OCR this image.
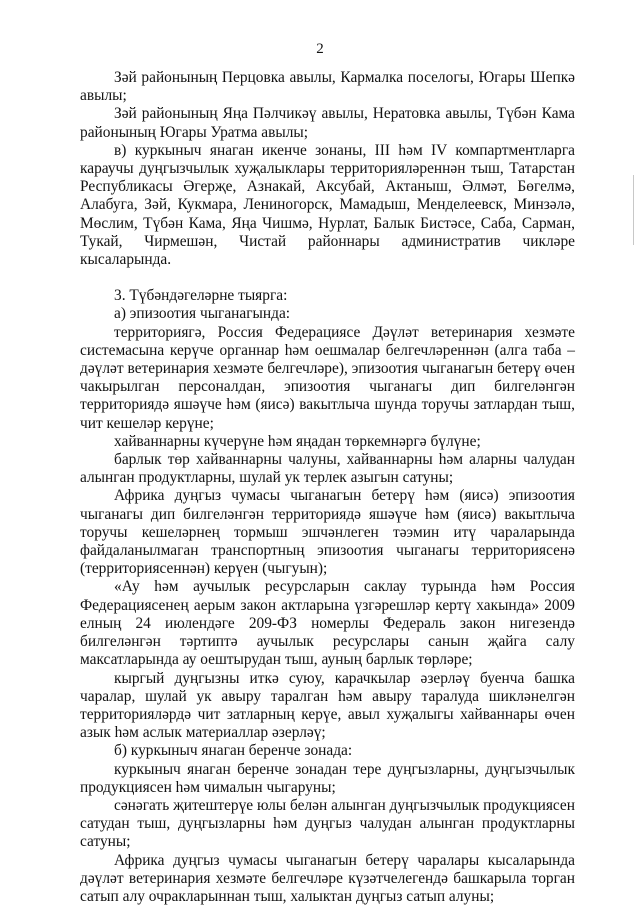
2

Зәй районының Перцовка авылы, Кармалка поселогы, Югары Шепкә авылы;

Зәй районының Яңа Пәлчикәү авылы, Нератовка авылы, Түбән Кама районының Югары Уратма авылы;

в) куркыныч янаган икенче зонаны, III һәм IV компартментларга караучы дуңгызчылык хуҗалыклары территорияләреннән тыш, Татарстан Республикасы Әгерҗе, Азнакай, Аксубай, Актаныш, Әлмәт, Бөгелмә, Алабуга, Зәй, Кукмара, Лениногорск, Мамадыш, Менделеевск, Минзәлә, Мөслим, Түбән Кама, Яңа Чишмә, Нурлат, Балык Бистәсе, Саба, Сарман, Тукай, Чирмешән, Чистай районнары административ чикләре кысаларында.

3. Түбәндәгеләрне тыярга:

а) эпизоотия чыганагында:

территориягә, Россия Федерациясе Дәүләт ветеринария хезмәте системасына керүче органнар һәм оешмалар белгечләреннән (алга таба – дәүләт ветеринария хезмәте белгечләре), эпизоотия чыганагын бетерү өчен чакырылган персоналдан, эпизоотия чыганагы дип билгеләнгән территориядә яшәүче һәм (яисә) вакытлыча шунда торучы затлардан тыш, чит кешеләр керүне;

хайваннарны күчерүне һәм яңадан төркемнәргә бүлүне;

барлык төр хайваннарны чалуны, хайваннарны һәм аларны чалудан алынган продуктларны, шулай ук терлек азыгын сатуны;

Африка дуңгыз чумасы чыганагын бетерү һәм (яисә) эпизоотия чыганагы дип билгеләнгән территориядә яшәүче һәм (яисә) вакытлыча торучы кешеләрнең тормыш эшчәнлеген тәэмин итү чараларында файдаланылмаган транспортның эпизоотия чыганагы территориясенә (территориясеннән) керүен (чыгуын);

«Ау һәм аучылык ресурсларын саклау турында һәм Россия Федерациясенең аерым закон актларына үзгәрешләр кертү хакында» 2009 елның 24 июлендәге 209-ФЗ номерлы Федераль закон нигезендә билгеләнгән тәртиптә аучылык ресурслары санын җайга салу максатларында ау оештырудан тыш, ауның барлык төрләре;

кыргый дуңгызны иткә суюу, карачкылар әзерләү буенча башка чаралар, шулай ук авыру таралган һәм авыру таралуда шикләнелгән территорияләрдә чит затларның керүе, авыл хуҗалыгы хайваннары өчен азык һәм аслык материаллар әзерләү;

б) куркыныч янаган беренче зонада:

куркыныч янаган беренче зонадан тере дуңгызларны, дуңгызчылык продукциясен һәм чималын чыгаруны;

сәнәгать җитештерүе юлы белән алынган дуңгызчылык продукциясен сатудан тыш, дуңгызларны һәм дуңгыз чалудан алынган продуктларны сатуны;

Африка дуңгыз чумасы чыганагын бетерү чаралары кысаларында дәүләт ветеринария хезмәте белгечләре күзәтчелегендә башкарыла торган сатып алу очракларыннан тыш, халыктан дуңгыз сатып алуны;
